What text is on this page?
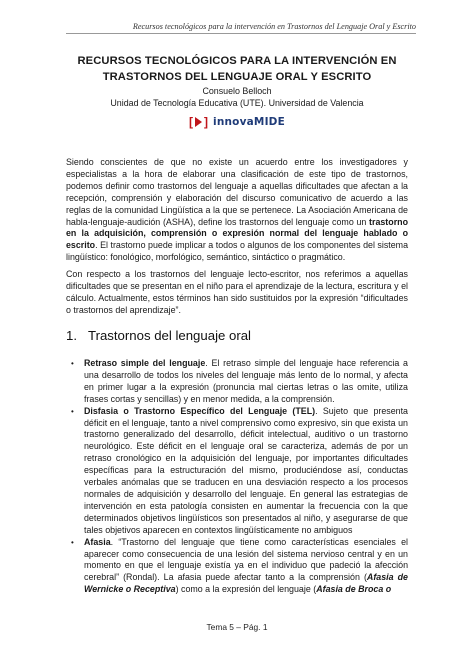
Recursos tecnológicos para la intervención en Trastornos del Lenguaje Oral y Escrito
RECURSOS TECNOLÓGICOS PARA LA INTERVENCIÓN EN
TRASTORNOS DEL LENGUAJE ORAL Y ESCRITO
Consuelo Belloch
Unidad de Tecnología Educativa (UTE). Universidad de Valencia
[ ] innovaMIDE
Siendo conscientes de que no existe un acuerdo entre los investigadores y especialistas a la hora de elaborar una clasificación de este tipo de trastornos, podemos definir como trastornos del lenguaje a aquellas dificultades que afectan a la recepción, comprensión y elaboración del discurso comunicativo de acuerdo a las reglas de la comunidad Lingüística a la que se pertenece. La Asociación Americana de habla-lenguaje-audición (ASHA), define los trastornos del lenguaje como un trastorno en la adquisición, comprensión o expresión normal del lenguaje hablado o escrito. El trastorno puede implicar a todos o algunos de los componentes del sistema lingüístico: fonológico, morfológico, semántico, sintáctico o pragmático.
Con respecto a los trastornos del lenguaje lecto-escritor, nos referimos a aquellas dificultades que se presentan en el niño para el aprendizaje de la lectura, escritura y el cálculo. Actualmente, estos términos han sido sustituidos por la expresión “dificultades o trastornos del aprendizaje”.
1. Trastornos del lenguaje oral
• Retraso simple del lenguaje. El retraso simple del lenguaje hace referencia a una desarrollo de todos los niveles del lenguaje más lento de lo normal, y afecta en primer lugar a la expresión (pronuncia mal ciertas letras o las omite, utiliza frases cortas y sencillas) y en menor medida, a la comprensión.
• Disfasia o Trastorno Específico del Lenguaje (TEL). Sujeto que presenta déficit en el lenguaje, tanto a nivel comprensivo como expresivo, sin que exista un trastorno generalizado del desarrollo, déficit intelectual, auditivo o un trastorno neurológico. Este déficit en el lenguaje oral se caracteriza, además de por un retraso cronológico en la adquisición del lenguaje, por importantes dificultades específicas para la estructuración del mismo, produciéndose así, conductas verbales anómalas que se traducen en una desviación respecto a los procesos normales de adquisición y desarrollo del lenguaje. En general las estrategias de intervención en esta patología consisten en aumentar la frecuencia con la que determinados objetivos lingüísticos son presentados al niño, y asegurarse de que tales objetivos aparecen en contextos lingüísticamente no ambiguos
• Afasia. “Trastorno del lenguaje que tiene como características esenciales el aparecer como consecuencia de una lesión del sistema nervioso central y en un momento en que el lenguaje existía ya en el individuo que padeció la afección cerebral” (Rondal). La afasia puede afectar tanto a la comprensión (Afasia de Wernicke o Receptiva) como a la expresión del lenguaje (Afasia de Broca o
Tema 5 – Pág. 1
